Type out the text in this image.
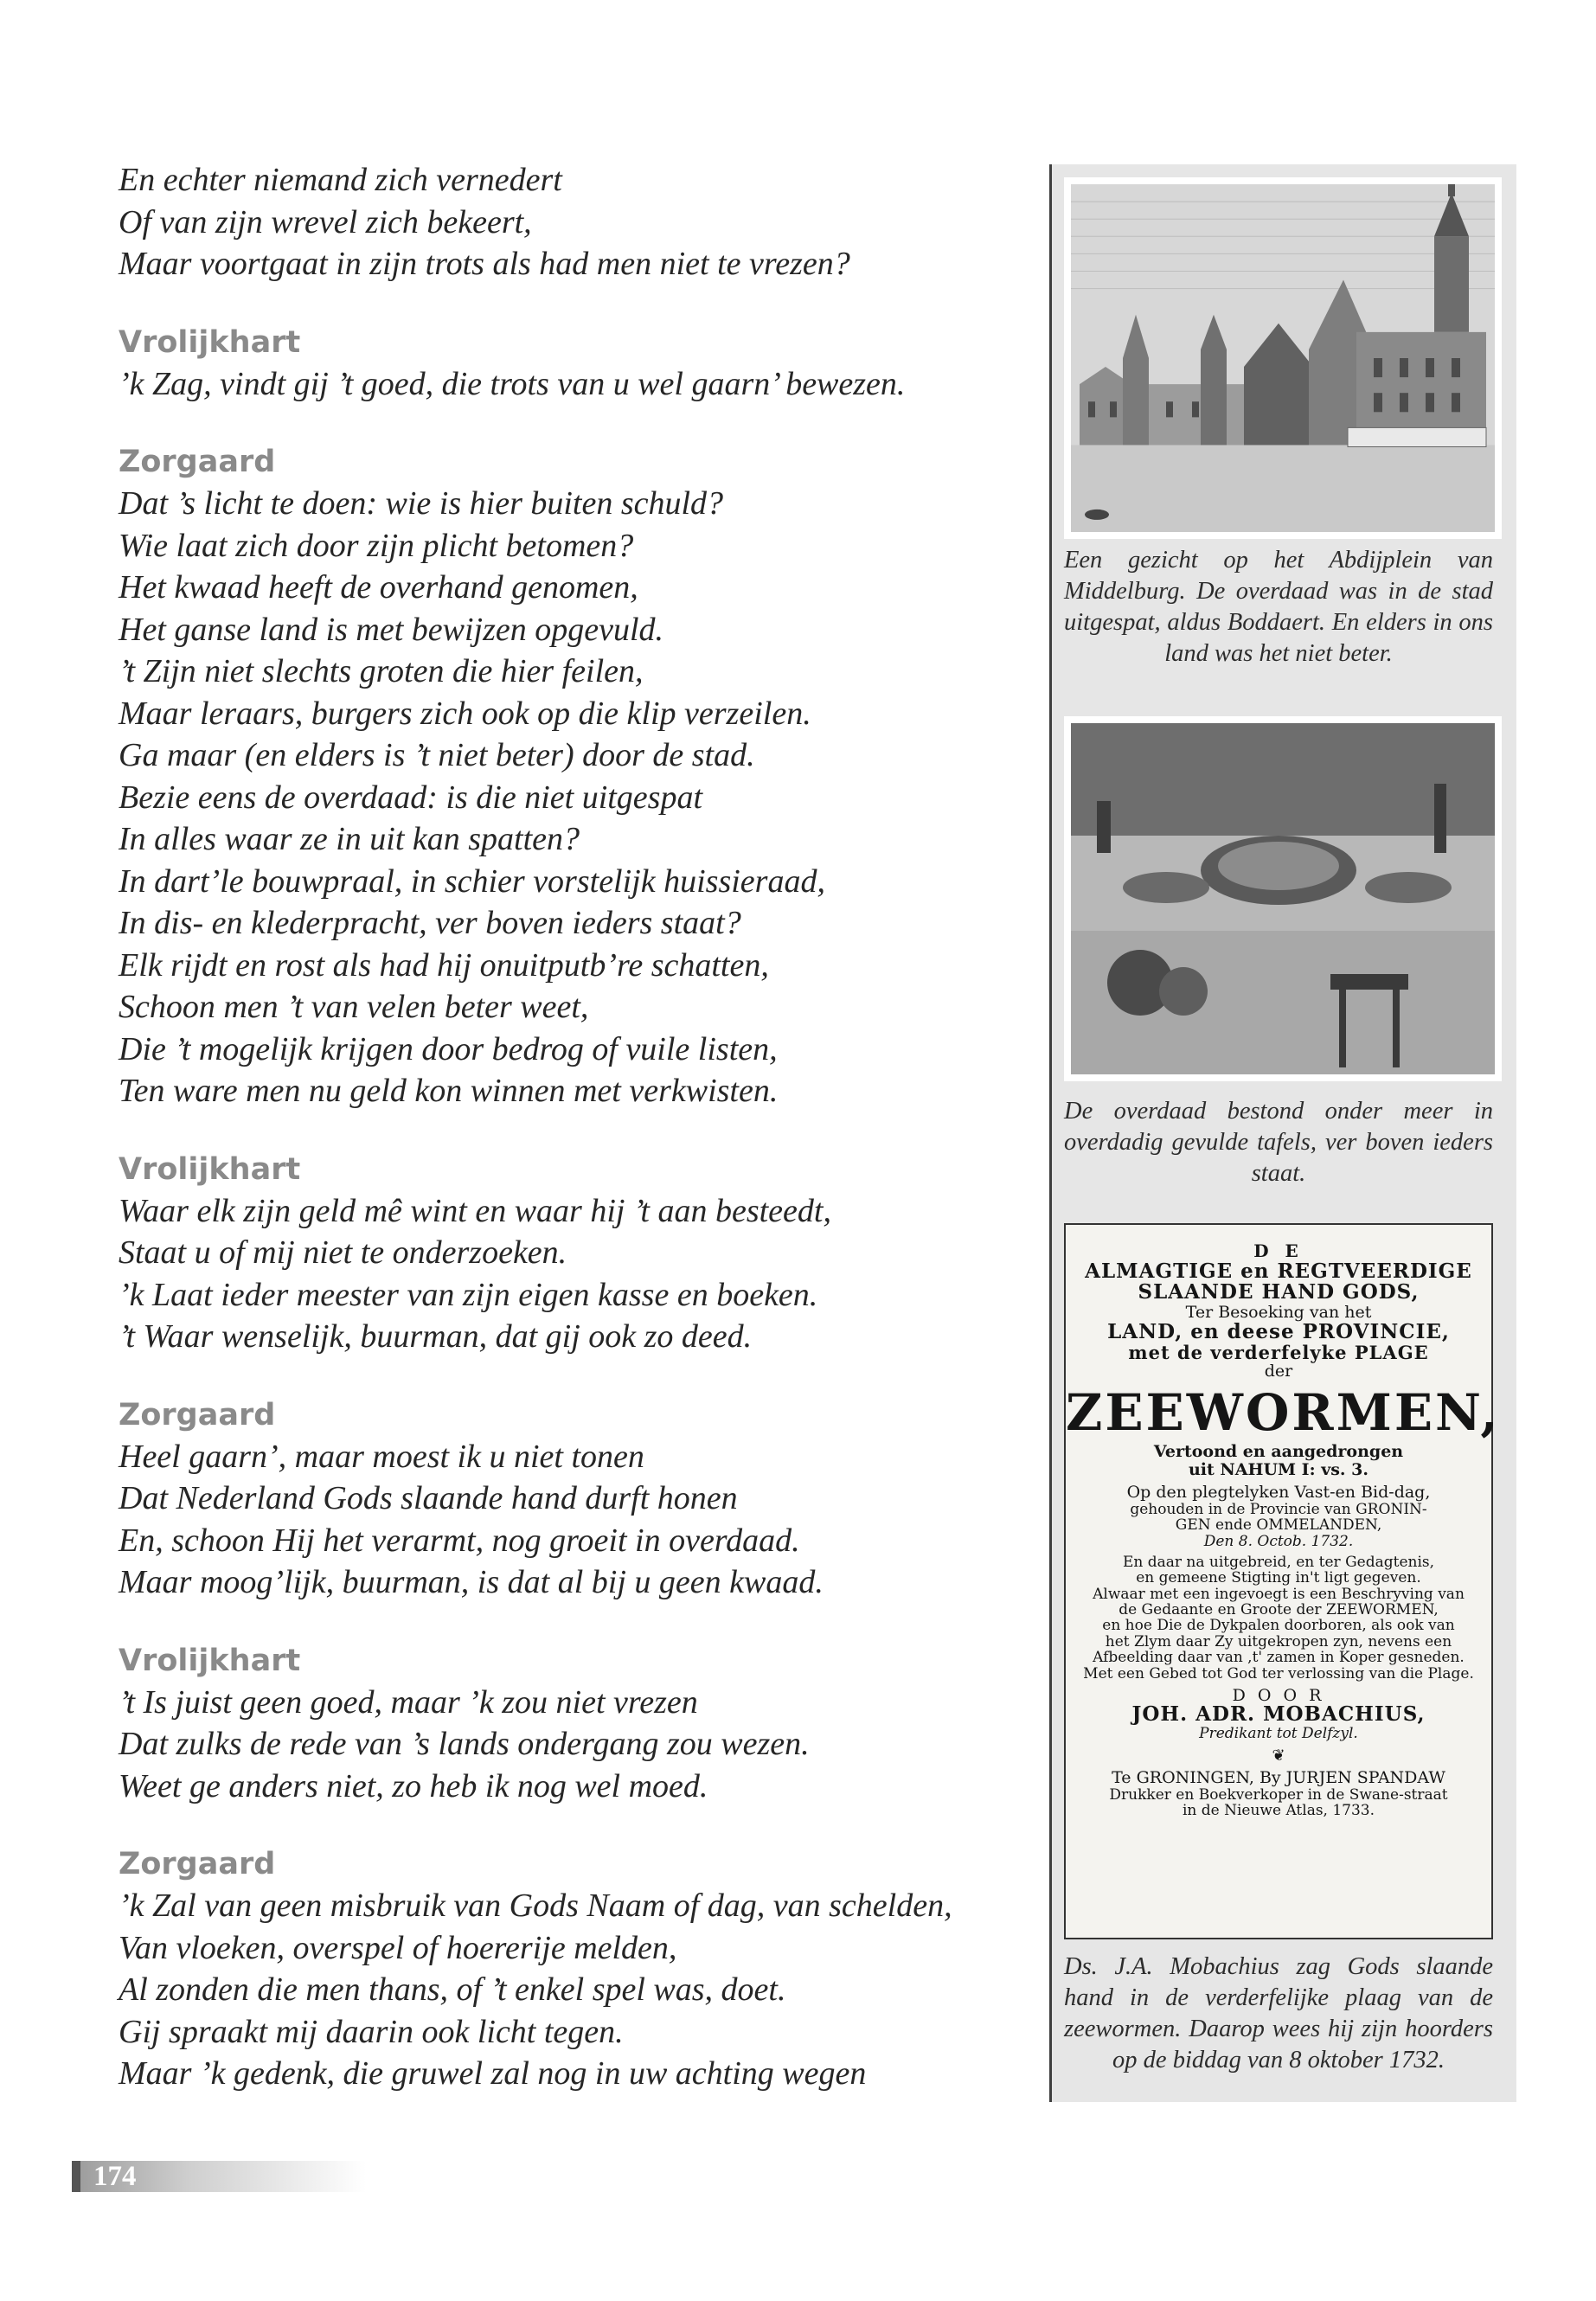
En echter niemand zich vernedert
Of van zijn wrevel zich bekeert,
Maar voortgaat in zijn trots als had men niet te vrezen?
Vrolijkhart
’k Zag, vindt gij ’t goed, die trots van u wel gaarn’ bewezen.
Zorgaard
Dat ’s licht te doen: wie is hier buiten schuld?
Wie laat zich door zijn plicht betomen?
Het kwaad heeft de overhand genomen,
Het ganse land is met bewijzen opgevuld.
’t Zijn niet slechts groten die hier feilen,
Maar leraars, burgers zich ook op die klip verzeilen.
Ga maar (en elders is ’t niet beter) door de stad.
Bezie eens de overdaad: is die niet uitgespat
In alles waar ze in uit kan spatten?
In dart’le bouwpraal, in schier vorstelijk huissieraad,
In dis- en klederpracht, ver boven ieders staat?
Elk rijdt en rost als had hij onuitputb’re schatten,
Schoon men ’t van velen beter weet,
Die ’t mogelijk krijgen door bedrog of vuile listen,
Ten ware men nu geld kon winnen met verkwisten.
Vrolijkhart
Waar elk zijn geld mê wint en waar hij ’t aan besteedt,
Staat u of mij niet te onderzoeken.
’k Laat ieder meester van zijn eigen kasse en boeken.
’t Waar wenselijk, buurman, dat gij ook zo deed.
Zorgaard
Heel gaarn’, maar moest ik u niet tonen
Dat Nederland Gods slaande hand durft honen
En, schoon Hij het verarmt, nog groeit in overdaad.
Maar moog’lijk, buurman, is dat al bij u geen kwaad.
Vrolijkhart
’t Is juist geen goed, maar ’k zou niet vrezen
Dat zulks de rede van ’s lands ondergang zou wezen.
Weet ge anders niet, zo heb ik nog wel moed.
Zorgaard
’k Zal van geen misbruik van Gods Naam of dag, van schelden,
Van vloeken, overspel of hoererije melden,
Al zonden die men thans, of ’t enkel spel was, doet.
Gij spraakt mij daarin ook licht tegen.
Maar ’k gedenk, die gruwel zal nog in uw achting wegen
Een gezicht op het Abdijplein van Middelburg. De overdaad was in de stad uitgespat, aldus Boddaert. En elders in ons land was het niet beter.
De overdaad bestond onder meer in overdadig gevulde tafels, ver boven ieders staat.
D E
ALMAGTIGE en REGTVEERDIGE
SLAANDE HAND GODS,
Ter Besoeking van het
LAND, en deese PROVINCIE,
met de verderfelyke PLAGE
der
ZEEWORMEN,
Vertoond en aangedrongen
uit NAHUM I: vs. 3.
Op den plegtelyken Vast-en Bid-dag,
gehouden in de Provincie van GRONIN-
GEN ende OMMELANDEN,
Den 8. Octob. 1732.
En daar na uitgebreid, en ter Gedagtenis,
en gemeene Stigting in't ligt gegeven.
Alwaar met een ingevoegt is een Beschryving van
de Gedaante en Groote der ZEEWORMEN,
en hoe Die de Dykpalen doorboren, als ook van
het Zlym daar Zy uitgekropen zyn, nevens een
Afbeelding daar van ,t' zamen in Koper gesneden.
Met een Gebed tot God ter verlossing van die Plage.
D O O R
JOH. ADR. MOBACHIUS,
Predikant tot Delfzyl.
❦
Te GRONINGEN, By JURJEN SPANDAW
Drukker en Boekverkoper in de Swane-straat
in de Nieuwe Atlas, 1733.
Ds. J.A. Mobachius zag Gods slaande hand in de verderfelijke plaag van de zeewormen. Daarop wees hij zijn hoorders op de biddag van 8 oktober 1732.
174
